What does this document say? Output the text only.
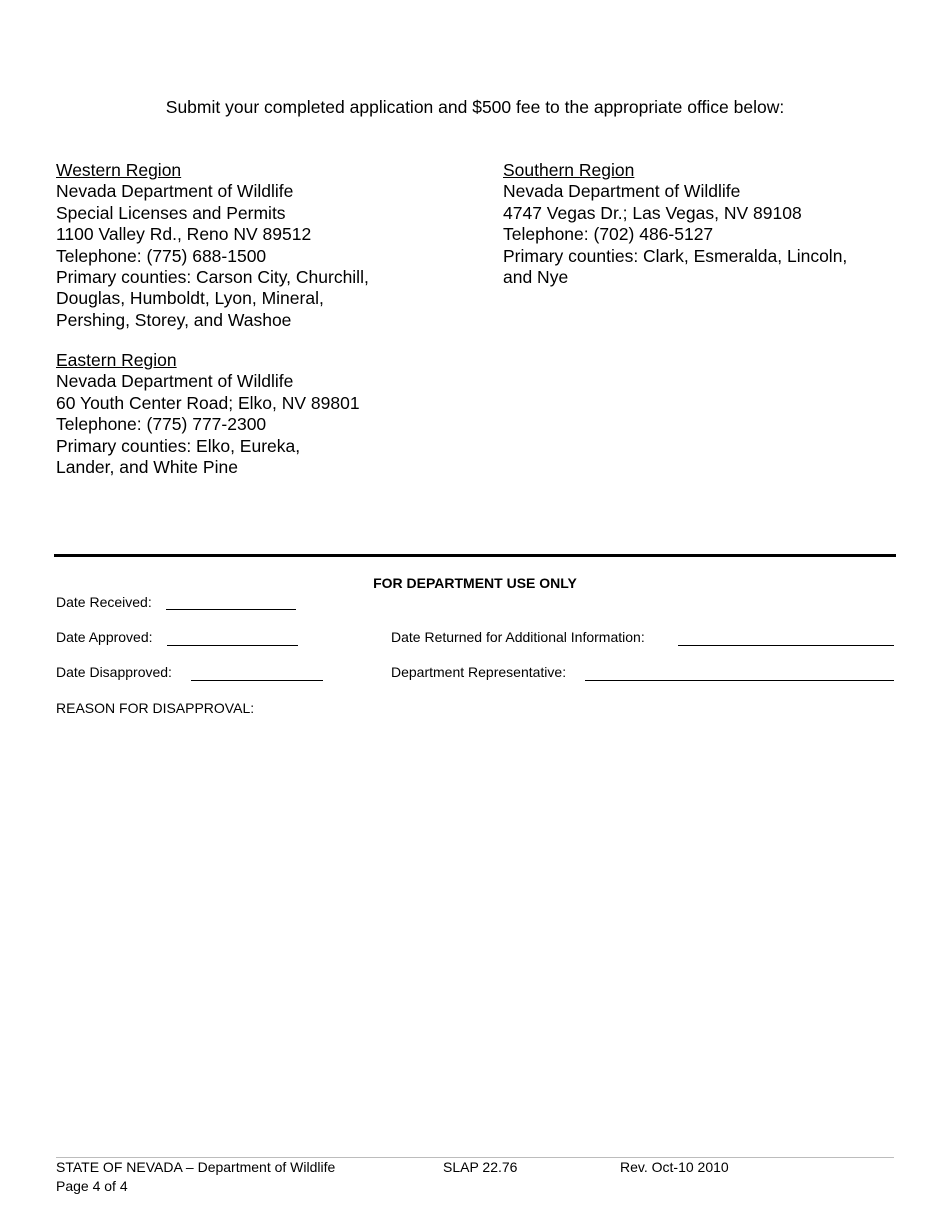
Submit your completed application and $500 fee to the appropriate office below:
Western Region
Nevada Department of Wildlife
Special Licenses and Permits
1100 Valley Rd., Reno NV 89512
Telephone: (775) 688-1500
Primary counties: Carson City, Churchill,
Douglas, Humboldt, Lyon, Mineral,
Pershing, Storey, and Washoe
Southern Region
Nevada Department of Wildlife
4747 Vegas Dr.; Las Vegas, NV 89108
Telephone: (702) 486-5127
Primary counties: Clark, Esmeralda, Lincoln,
and Nye
Eastern Region
Nevada Department of Wildlife
60 Youth Center Road; Elko, NV 89801
Telephone: (775) 777-2300
Primary counties: Elko, Eureka,
Lander, and White Pine
FOR DEPARTMENT USE ONLY
Date Received:
Date Approved:	Date Returned for Additional Information:
Date Disapproved:	Department Representative:
REASON FOR DISAPPROVAL:
STATE OF NEVADA – Department of Wildlife	SLAP 22.76	Rev. Oct-10 2010
Page 4 of 4
